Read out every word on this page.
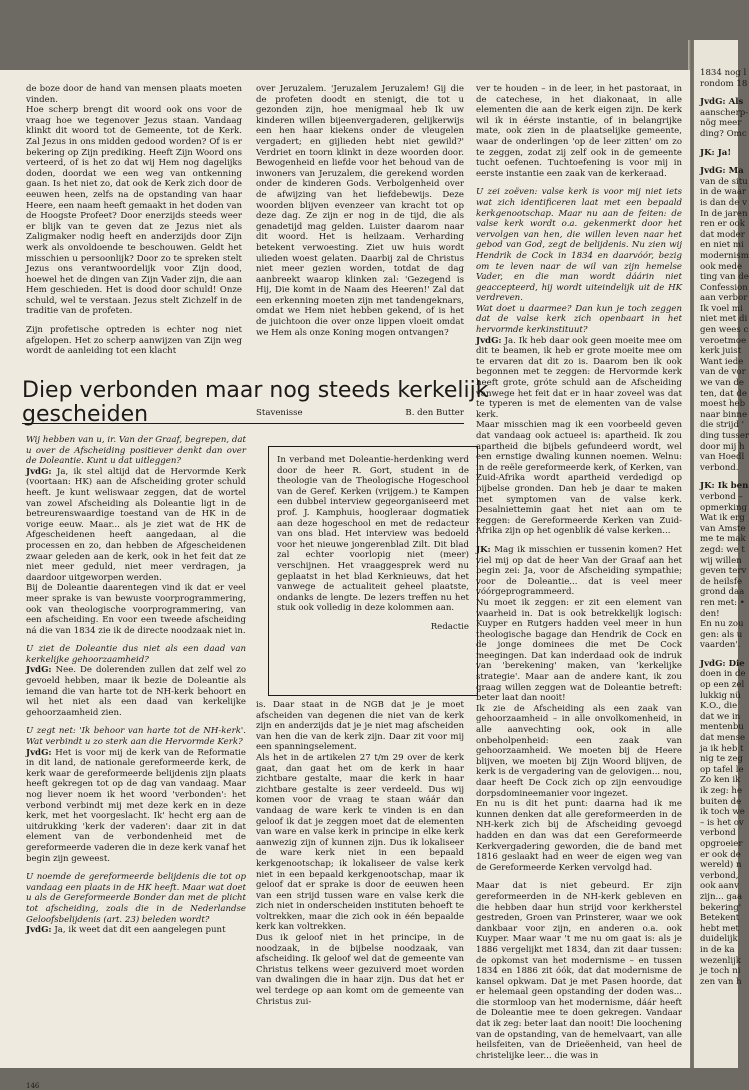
de boze door de hand van mensen plaats moeten vinden.

Hoe scherp brengt dit woord ook ons voor de vraag hoe we tegenover Jezus staan. Vandaag klinkt dit woord tot de Gemeente, tot de Kerk. Zal Jezus in ons midden gedood worden? Of is er bekering op Zijn prediking. Heeft Zijn Woord ons verteerd, of is het zo dat wij Hem nog dagelijks doden, doordat we een weg van ontkenning gaan. Is het niet zo, dat ook de Kerk zich door de eeuwen heen, zelfs na de opstanding van haar Heere, een naam heeft gemaakt in het doden van de Hoogste Profeet? Door enerzijds steeds weer er blijk van te geven dat ze Jezus niet als Zaligmaker nodig heeft en anderzijds door Zijn werk als onvoldoende te beschouwen. Geldt het misschien u persoonlijk? Door zo te spreken stelt Jezus ons verantwoordelijk voor Zijn dood, hoewel het de dingen van Zijn Vader zijn, die aan Hem geschieden. Het is dood door schuld! Onze schuld, wel te verstaan. Jezus stelt Zichzelf in de traditie van de profeten.

Zijn profetische optreden is echter nog niet afgelopen. Het zo scherp aanwijzen van Zijn weg wordt de aanleiding tot een klacht

over Jeruzalem. 'Jeruzalem Jeruzalem! Gij die de profeten doodt en stenigt, die tot u gezonden zijn, hoe menigmaal heb Ik uw kinderen willen bijeenvergaderen, gelijkerwijs een hen haar kiekens onder de vleugelen vergadert; en gijlieden hebt niet gewild?' Verdriet en toorn klinkt in deze woorden door. Bewogenheid en liefde voor het behoud van de inwoners van Jeruzalem, die gerekend worden onder de kinderen Gods. Verbolgenheid over de afwijzing van het liefdebewijs. Deze woorden blijven evenzeer van kracht tot op deze dag. Ze zijn er nog in de tijd, die als genadetijd mag gelden. Luister daarom naar dit woord. Het is heilzaam. Verharding betekent verwoesting. Ziet uw huis wordt ulieden woest gelaten. Daarbij zal de Christus niet meer gezien worden, totdat de dag aanbreekt waarop klinken zal: 'Gezegend is Hij, Die komt in de Naam des Heeren!' Zal dat een erkenning moeten zijn met tandengeknars, omdat we Hem niet hebben gekend, of is het de juichtoon die over onze lippen vloeit omdat we Hem als onze Koning mogen ontvangen?

Stavenisse	B. den Butter
Diep verbonden maar nog steeds kerkelijk gescheiden

Wij hebben van u, ir. Van der Graaf, begrepen, dat u over de Afscheiding positiever denkt dan over de Doleantie. Kunt u dat uitleggen?

JvdG: Ja, ik stel altijd dat de Hervormde Kerk (voortaan: HK) aan de Afscheiding groter schuld heeft. Je kunt weliswaar zeggen, dat de wortel van zowel Afscheiding als Doleantie ligt in de betreurenswaardige toestand van de HK in de vorige eeuw. Maar... als je ziet wat de HK de Afgescheidenen heeft aangedaan, al die processen en zo, dan hebben de Afgescheidenen zwaar geleden aan de kerk, ook in het feit dat ze niet meer geduld, niet meer verdragen, ja daardoor uitgeworpen werden.

Bij de Doleantie daarentegen vind ik dat er veel meer sprake is van bewuste voorprogrammering, ook van theologische voorprogrammering, van een afscheiding. En voor een tweede afscheiding ná die van 1834 zie ik de directe noodzaak niet in.

U ziet de Doleantie dus niet als een daad van kerkelijke gehoorzaamheid?

JvdG: Nee. De dolerenden zullen dat zelf wel zo gevoeld hebben, maar ik bezie de Doleantie als iemand die van harte tot de NH-kerk behoort en wil het niet als een daad van kerkelijke gehoorzaamheid zien.

U zegt net: 'Ik behoor van harte tot de NH-kerk'. Wat verbindt u zo sterk aan die Hervormde Kerk?

JvdG: Het is voor mij de kerk van de Reformatie in dit land, de nationale gereformeerde kerk, de kerk waar de gereformeerde belijdenis zijn plaats heeft gekregen tot op de dag van vandaag. Maar nog liever noem ik het woord 'verbonden': het verbond verbindt mij met deze kerk en in deze kerk, met het voorgeslacht. Ik' hecht erg aan de uitdrukking 'kerk der vaderen': daar zit in dat element van de verbondenheid met de gereformeerde vaderen die in deze kerk vanaf het begin zijn geweest.

U noemde de gereformeerde belijdenis die tot op vandaag een plaats in de HK heeft. Maar wat doet u als de Gereformeerde Bonder dan met de plicht tot afscheiding, zoals die in de Nederlandse Geloofsbelijdenis (art. 23) beleden wordt?

JvdG: Ja, ik weet dat dit een aangelegen punt

In verband met Doleantie-herdenking werd door de heer R. Gort, student in de theologie van de Theologische Hogeschool van de Geref. Kerken (vrijgem.) te Kampen een dubbel interview gegeorganiseerd met prof. J. Kamphuis, hoogleraar dogmatiek aan deze hogeschool en met de redacteur van ons blad. Het interview was bedoeld voor het nieuwe jongerenblad Zilt. Dit blad zal echter voorlopig niet (meer) verschijnen. Het vraaggesprek werd nu geplaatst in het blad Kerknieuws, dat het vanwege de actualiteit geheel plaatste, ondanks de lengte. De lezers treffen nu het stuk ook volledig in deze kolommen aan.
Redactie

is. Daar staat in de NGB dat je je moet afscheiden van degenen die niet van de kerk zijn en anderzijds dat je je niet mag afscheiden van hen die van de kerk zijn. Daar zit voor mij een spanningselement.

Als het in de artikelen 27 t/m 29 over de kerk gaat, dan gaat het om de kerk in haar zichtbare gestalte, maar die kerk in haar zichtbare gestalte is zeer verdeeld. Dus wij komen voor de vraag te staan wáár dan vandaag de ware kerk te vinden is en dan geloof ik dat je zeggen moet dat de elementen van ware en valse kerk in principe in elke kerk aanwezig zijn of kunnen zijn. Dus ik lokaliseer de ware kerk niet in een bepaald kerkgenootschap; ik lokaliseer de valse kerk niet in een bepaald kerkgenootschap, maar ik geloof dat er sprake is door de eeuwen heen van een strijd tussen ware en valse kerk die zich niet in onderscheiden instituten behoeft te voltrekken, maar die zich ook in één bepaalde kerk kan voltrekken.

Dus ik geloof niet in het principe, in de noodzaak, in de bijbelse noodzaak, van afscheiding. Ik geloof wel dat de gemeente van Christus telkens weer gezuiverd moet worden van dwalingen die in haar zijn. Dus dat het er wel terdege op aan komt om de gemeente van Christus zui-

ver te houden – in de leer, in het pastoraat, in de catechese, in het diakonaat, in alle elementen die aan de kerk eigen zijn. De kerk wil ik in éérste instantie, of in belangrijke mate, ook zien in de plaatselijke gemeente, waar de onderlingen 'op de leer zitten' om zo te zeggen, zodat zij zelf ook in de gemeente tucht oefenen. Tuchtoefening is voor mij in eerste instantie een zaak van de kerkeraad.

U zei zoëven: valse kerk is voor mij niet iets wat zich identificeren laat met een bepaald kerkgenootschap. Maar nu aan de feiten: de valse kerk wordt o.a. gekenmerkt door het vervolgen van hen, die willen leven naar het gebod van God, zegt de belijdenis. Nu zien wij Hendrik de Cock in 1834 en daarvóór, bezig om te leven naar de wil van zijn hemelse Vader, en die man wordt dáárin niet geaccepteerd, hij wordt uiteindelijk uit de HK verdreven.

Wat doet u daarmee? Dan kun je toch zeggen dat de valse kerk zich openbaart in het hervormde kerkinstituut?

JvdG: Ja. Ik heb daar ook geen moeite mee om dit te beamen, ik heb er grote moeite mee om te ervaren dat dit zo is. Daarom ben ik ook begonnen met te zeggen: de Hervormde kerk heeft grote, gróte schuld aan de Afscheiding vanwege het feit dat er in haar zoveel was dat te typeren is met de elementen van de valse kerk.

Maar misschien mag ik een voorbeeld geven dat vandaag ook actueel is: apartheid. Ik zou apartheid die bijbels gefundeerd wordt, wel een ernstige dwaling kunnen noemen. Welnu: in de reële gereformeerde kerk, of Kerken, van Zuid-Afrika wordt apartheid verdedigd op bijbelse gronden. Dan heb je daar te maken met symptomen van de valse kerk. Desalniettemin gaat het niet aan om te zeggen: de Gereformeerde Kerken van Zuid-Afrika zijn op het ogenblik dé valse kerken...

JK: Mag ik misschien er tussenin komen? Het viel mij op dat de heer Van der Graaf aan het begin zei: Ja, voor de Afscheiding sympathie; voor de Doleantie... dat is veel meer vóórgeprogrammeerd.

Nu moet ik zeggen: er zit een element van waarheid in. Dat is ook betrekkelijk logisch: Kuyper en Rutgers hadden veel meer in hun theologische bagage dan Hendrik de Cock en de jonge dominees die met De Cock meegingen. Dat kan inderdaad ook de indruk van 'berekening' maken, van 'kerkelijke strategie'. Maar aan de andere kant, ik zou graag willen zeggen wat de Doleantie betreft: beter laat dan nooit!

Ik zie de Afscheiding als een zaak van gehoorzaamheid – in alle onvolkomenheid, in alle aanvechting ook, ook in alle onbeholpenheid: een zaak van gehoorzaamheid. We moeten bij de Heere blijven, we moeten bij Zijn Woord blijven, de kerk is de vergadering van de gelovigen... nou, daar heeft De Cock zich op zijn eenvoudige dorpsdomineemanier voor ingezet.

En nu is dit het punt: daarna had ik me kunnen denken dat alle gereformeerden in de NH-kerk zich bij de Afscheiding gevoegd hadden en dan was dat een Gereformeerde Kerkvergadering geworden, die de band met 1816 geslaakt had en weer de eigen weg van de Gereformeerde Kerken vervolgd had.

Maar dat is niet gebeurd. Er zijn gereformeerden in de NH-kerk gebleven en die hebben daar hun strijd voor kerkherstel gestreden, Groen van Prinsterer, waar we ook dankbaar voor zijn, en anderen o.a. ook Kuyper. Maar waar 't me nu om gaat is: als je 1886 vergelijkt met 1834, dan zit daar tussen: de opkomst van het modernisme – en tussen 1834 en 1886 zit óók, dat dat modernisme de kansel opkwam. Dat je met Pasen hoorde, dat er helemaal geen opstanding der doden was... die stormloop van het modernisme, dáár heeft de Doleantie mee te doen gekregen. Vandaar dat ik zeg: beter laat dan nooit! Die loochening van de opstanding, van de hemelvaart, van alle heilsfeiten, van de Drieëenheid, van heel de christelijke leer... die was in

146

1834 nog l

rondom 18

JvdG: Als

aanscherp-

nög meer

ding? Omc

JK: Ja!

JvdG: Ma

van de situ

in de waar

is dan de v

In de jaren

ren er ook

dat moder

en niet mi

modernism

ook mede

ting van de

Confession

aan verbor

Ik voel mi

niet met di

gen wees c

veroetmoe

kerk juist

Want iede

van de vor

we van de

ten, dat de

moest heb

naar binne

die strijd '

ding tusser

door mij h

van Hoedl

verbond.

JK: Ik ben

verbond –

opmerking

Wat ik erg

van Amste

me te mak

zegd: we t

wij willen

geven terv

de heilsfe

grond daa

ren met: •

den!

En nu zou

gen: als u

vaarden'.

JvdG: Die

doen in de

op een zel

lukkig nü

K.O., die

dat we in

mentenbu

dat mense

ja ik heb t

nig te zeg

op tafel le

Zo ken ik

ik zeg: he

buiten de

ik toch we

– is het ov

verbond

opgroeier

er ook de

wereld) n

verbond,

ook aanv

zijn... gaa

bekering'

Betekent

hebt met

duidelijk

in de ka

wezenlijk

je toch ni

zen van h
